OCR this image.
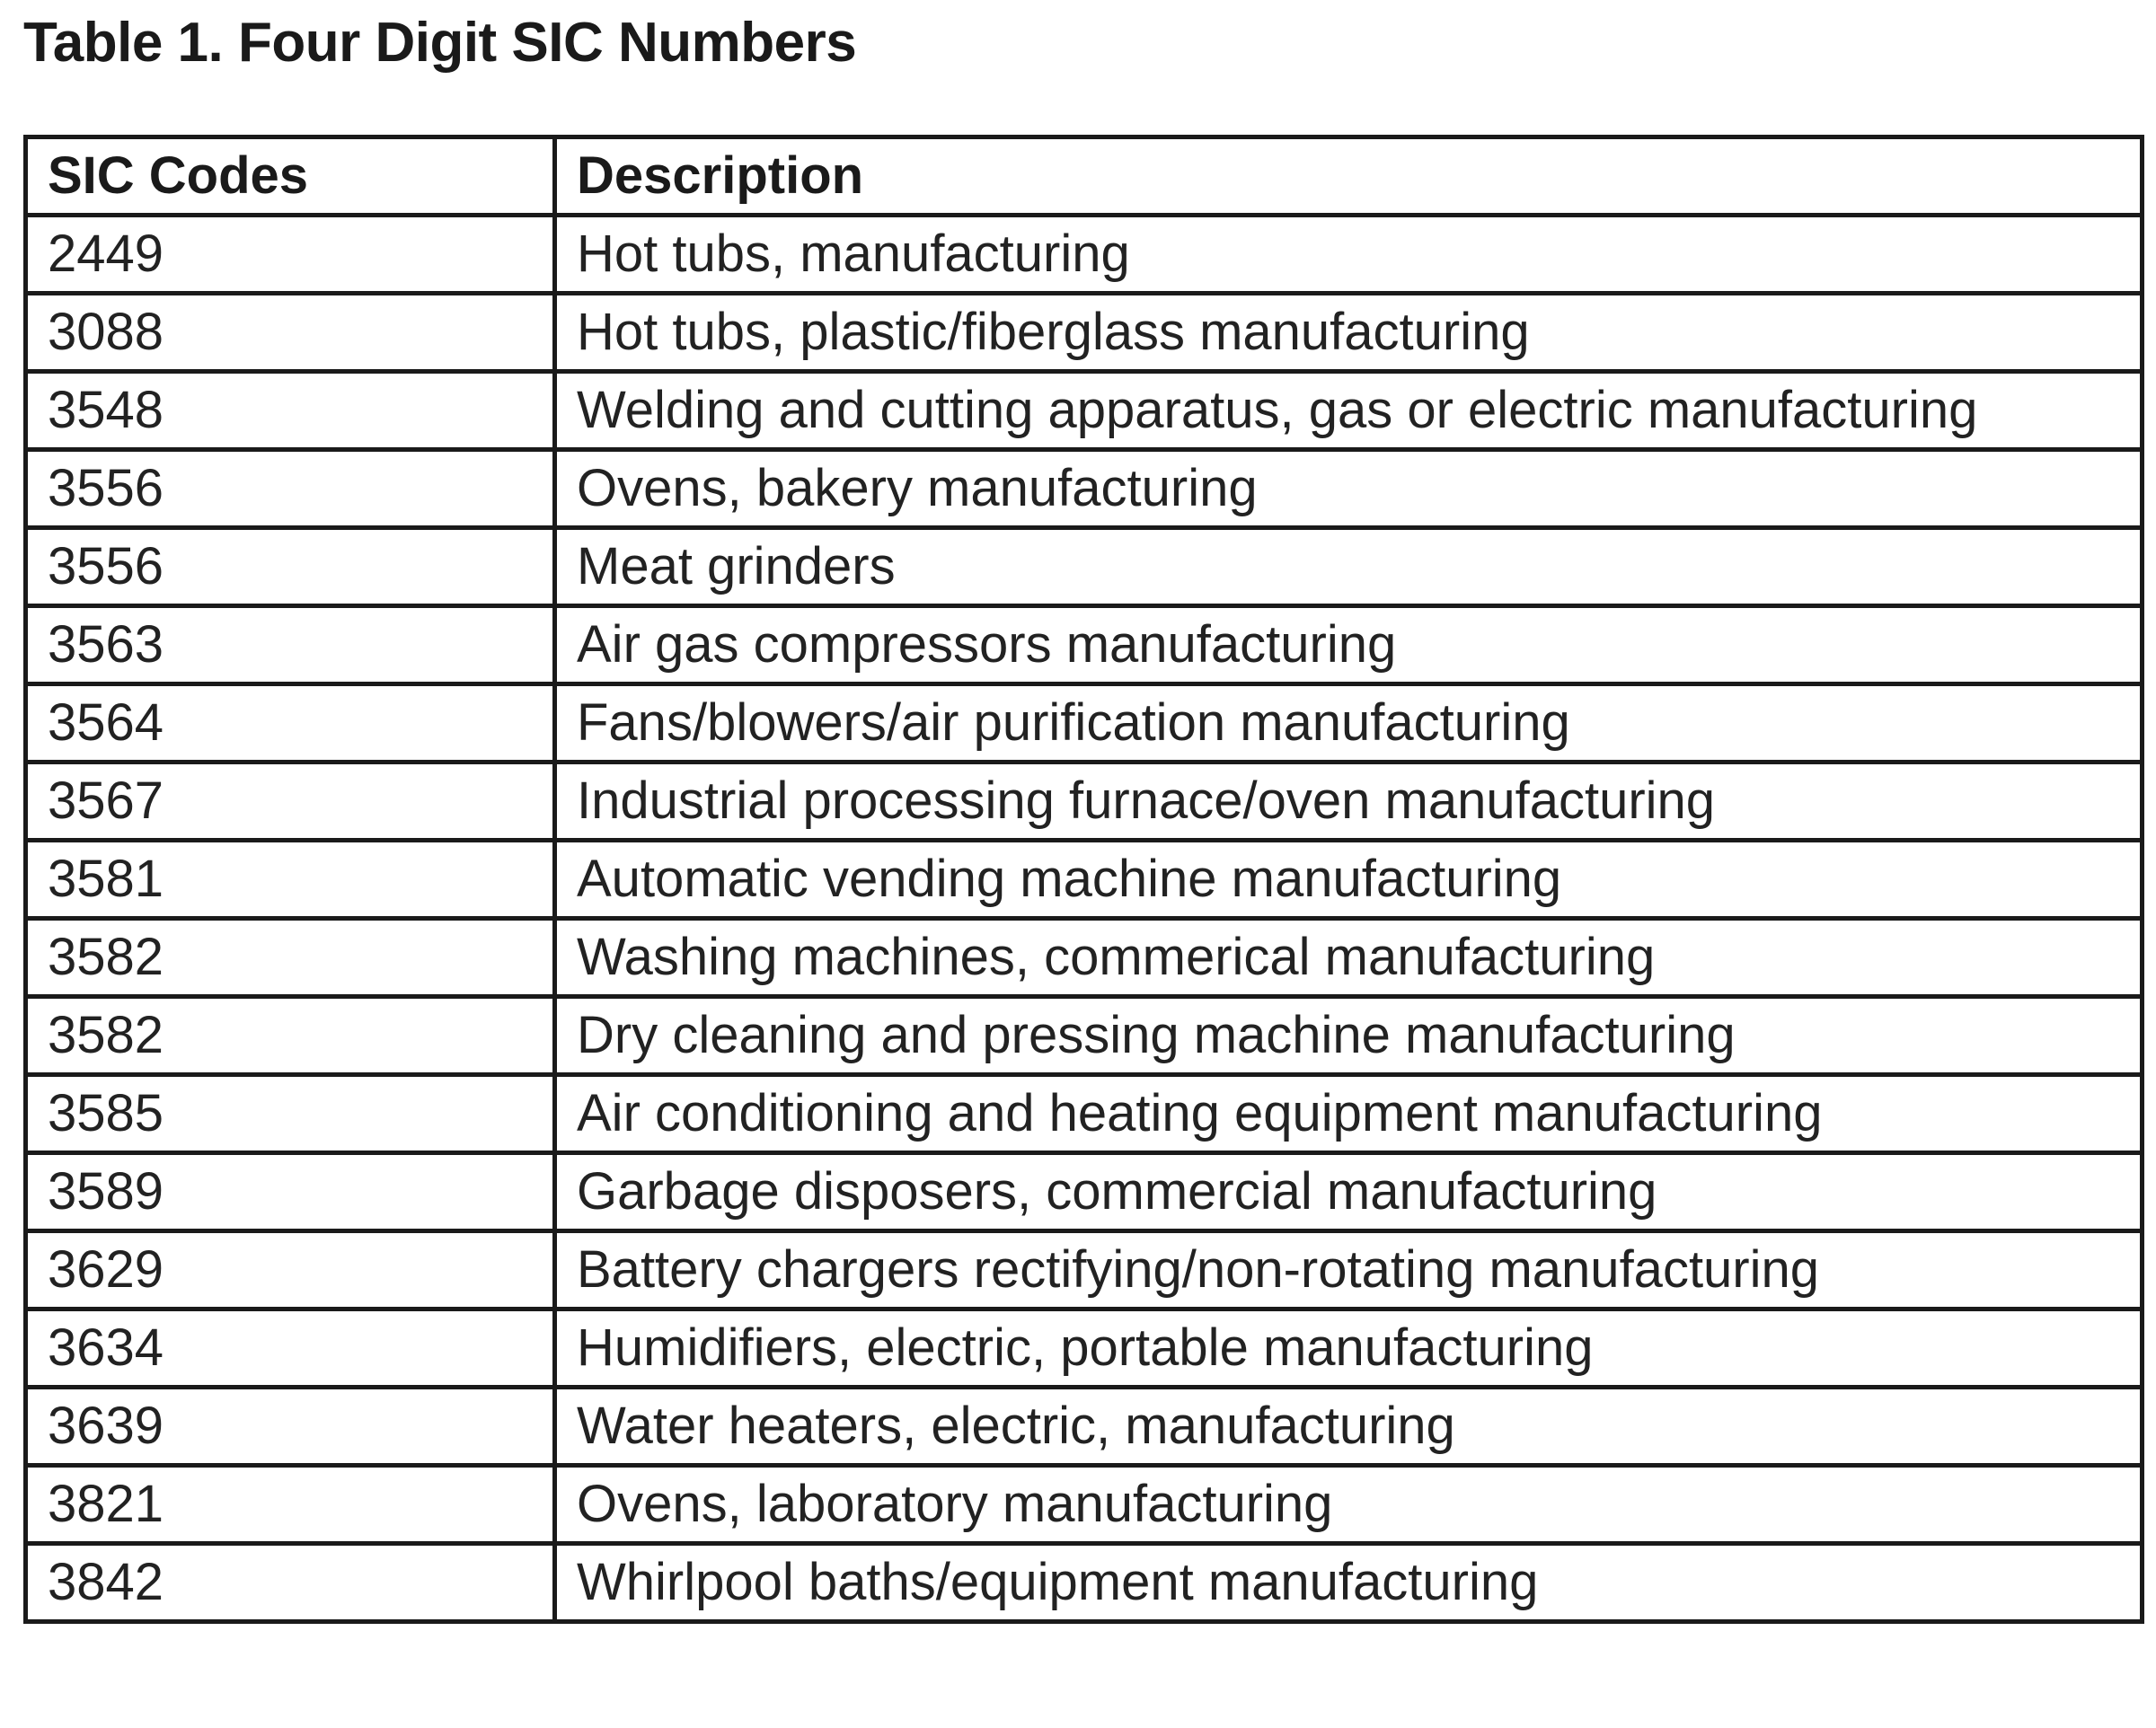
Table 1. Four Digit SIC Numbers
SIC Codes	Description
2449	Hot tubs, manufacturing
3088	Hot tubs, plastic/fiberglass manufacturing
3548	Welding and cutting apparatus, gas or electric manufacturing
3556	Ovens, bakery manufacturing
3556	Meat grinders
3563	Air gas compressors manufacturing
3564	Fans/blowers/air purification manufacturing
3567	Industrial processing furnace/oven manufacturing
3581	Automatic vending machine manufacturing
3582	Washing machines, commerical manufacturing
3582	Dry cleaning and pressing machine manufacturing
3585	Air conditioning and heating equipment manufacturing
3589	Garbage disposers, commercial manufacturing
3629	Battery chargers rectifying/non-rotating manufacturing
3634	Humidifiers, electric, portable manufacturing
3639	Water heaters, electric, manufacturing
3821	Ovens, laboratory manufacturing
3842	Whirlpool baths/equipment manufacturing
